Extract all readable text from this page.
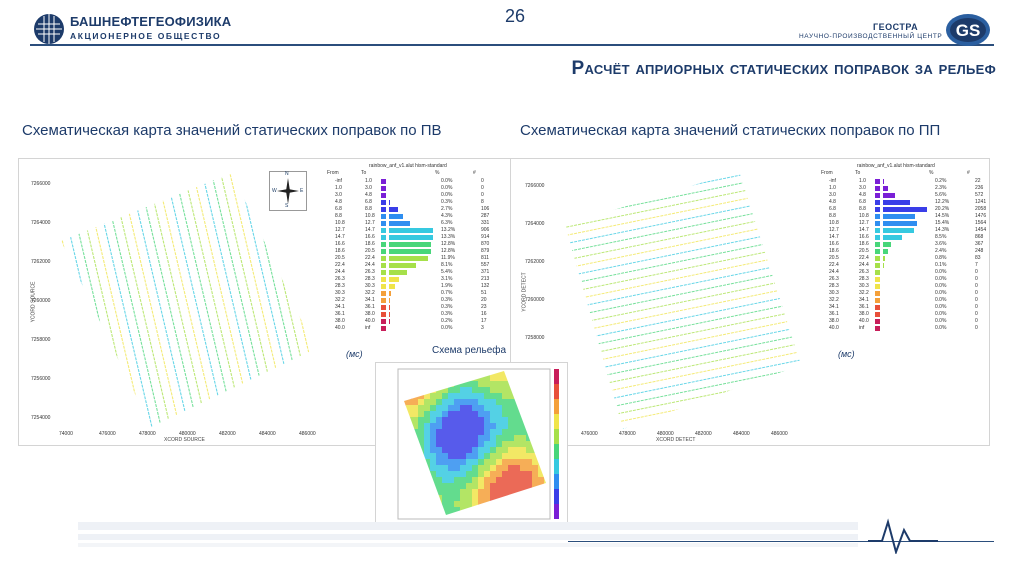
БАШНЕФТЕГЕОФИЗИКА
АКЦИОНЕРНОЕ ОБЩЕСТВО
26
ГЕОСТРА
НАУЧНО-ПРОИЗВОДСТВЕННЫЙ ЦЕНТР GS
Расчёт априорных статических поправок за рельеф
Схематическая карта значений статических поправок по ПВ	Схематическая карта значений статических поправок по ПП
7266000
7264000
7262000
7260000
7258000
7256000
7254000
YCORD SOURCE
74000	476000	478000	480000	482000	484000	486000
XCORD SOURCE
N
S
W	E
rainbow_anf_v1.alut hism-standard
From	To	%	#
-inf	1.0	0.0%	0
1.0	3.0	0.0%	0
3.0	4.8	0.0%	0
4.8	6.8	0.3%	8
6.8	8.8	2.7%	106
8.8	10.8	4.3%	287
10.8	12.7	6.3%	331
12.7	14.7	13.2%	906
14.7	16.6	13.3%	914
16.6	18.6	12.8%	870
18.6	20.5	12.8%	879
20.5	22.4	11.9%	811
22.4	24.4	8.1%	557
24.4	26.3	5.4%	371
26.3	28.3	3.1%	213
28.3	30.3	1.9%	132
30.3	32.2	0.7%	51
32.2	34.1	0.3%	20
34.1	36.1	0.3%	23
36.1	38.0	0.3%	16
38.0	40.0	0.2%	17
40.0	inf	0.0%	3
(мс)
7266000
7264000
7262000
7260000
7258000
YCORD DETECT
476000	478000	480000	482000	484000	486000
XCORD DETECT
rainbow_anf_v1.alut hism-standard
From	To	%	#
-inf	1.0	0.2%	22
1.0	3.0	2.3%	236
3.0	4.8	5.6%	572
4.8	6.8	12.2%	1241
6.8	8.8	20.2%	2058
8.8	10.8	14.5%	1476
10.8	12.7	15.4%	1564
12.7	14.7	14.3%	1454
14.7	16.6	8.5%	868
16.6	18.6	3.6%	367
18.6	20.5	2.4%	248
20.5	22.4	0.8%	83
22.4	24.4	0.1%	7
24.4	26.3	0.0%	0
26.3	28.3	0.0%	0
28.3	30.3	0.0%	0
30.3	32.2	0.0%	0
32.2	34.1	0.0%	0
34.1	36.1	0.0%	0
36.1	38.0	0.0%	0
38.0	40.0	0.0%	0
40.0	inf	0.0%	0
(мс)
Схема рельефа
